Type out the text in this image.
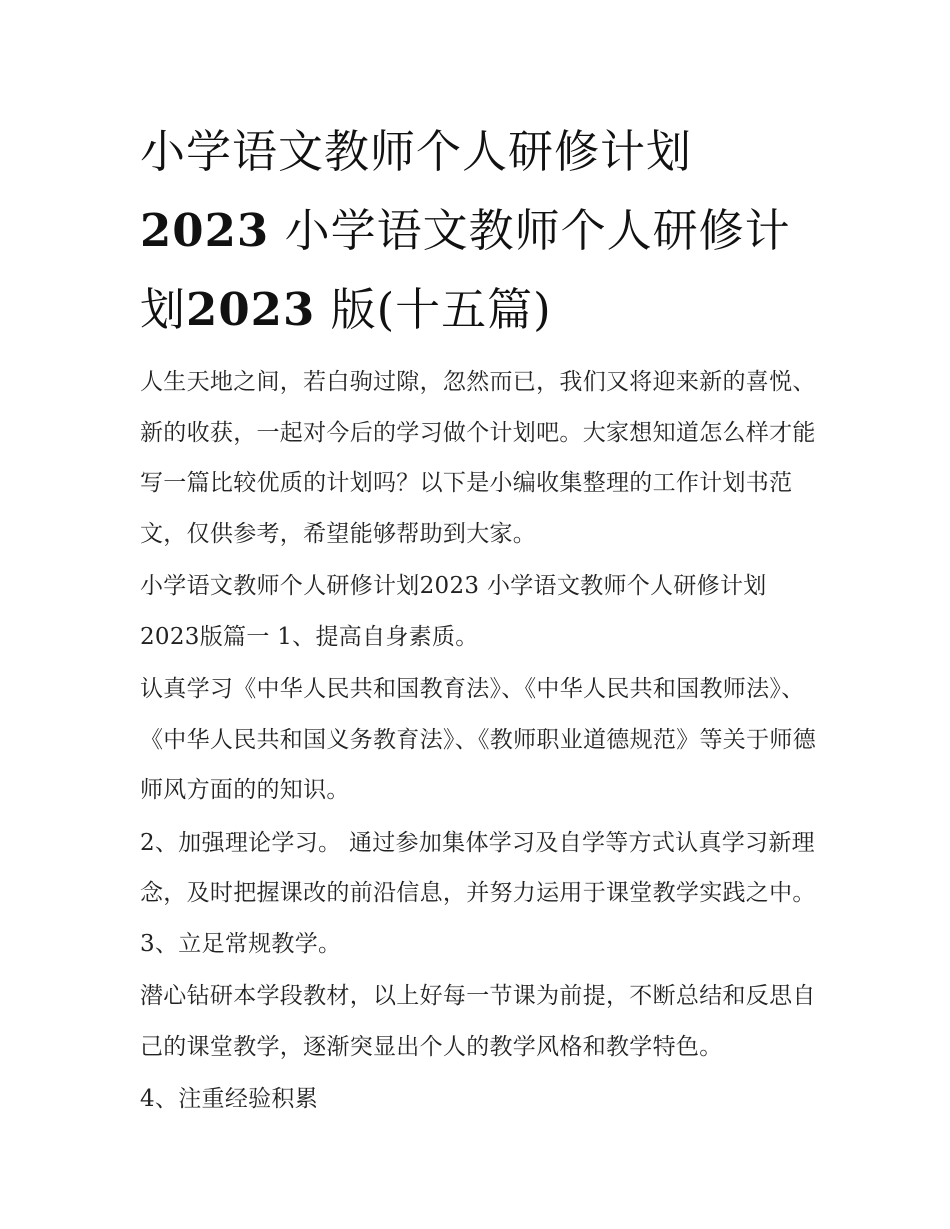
小学语文教师个人研修计划
2023 小学语文教师个人研修计
划2023 版(十五篇)

人生天地之间，若白驹过隙，忽然而已，我们又将迎来新的喜悦、新的收获，一起对今后的学习做个计划吧。大家想知道怎么样才能写一篇比较优质的计划吗？以下是小编收集整理的工作计划书范文，仅供参考，希望能够帮助到大家。

小学语文教师个人研修计划2023 小学语文教师个人研修计划2023版篇一 1、提高自身素质。

认真学习《中华人民共和国教育法》、《中华人民共和国教师法》、《中华人民共和国义务教育法》、《教师职业道德规范》等关于师德师风方面的的知识。

2、加强理论学习。 通过参加集体学习及自学等方式认真学习新理念，及时把握课改的前沿信息，并努力运用于课堂教学实践之中。 3、立足常规教学。

潜心钻研本学段教材，以上好每一节课为前提，不断总结和反思自己的课堂教学，逐渐突显出个人的教学风格和教学特色。

4、注重经验积累
